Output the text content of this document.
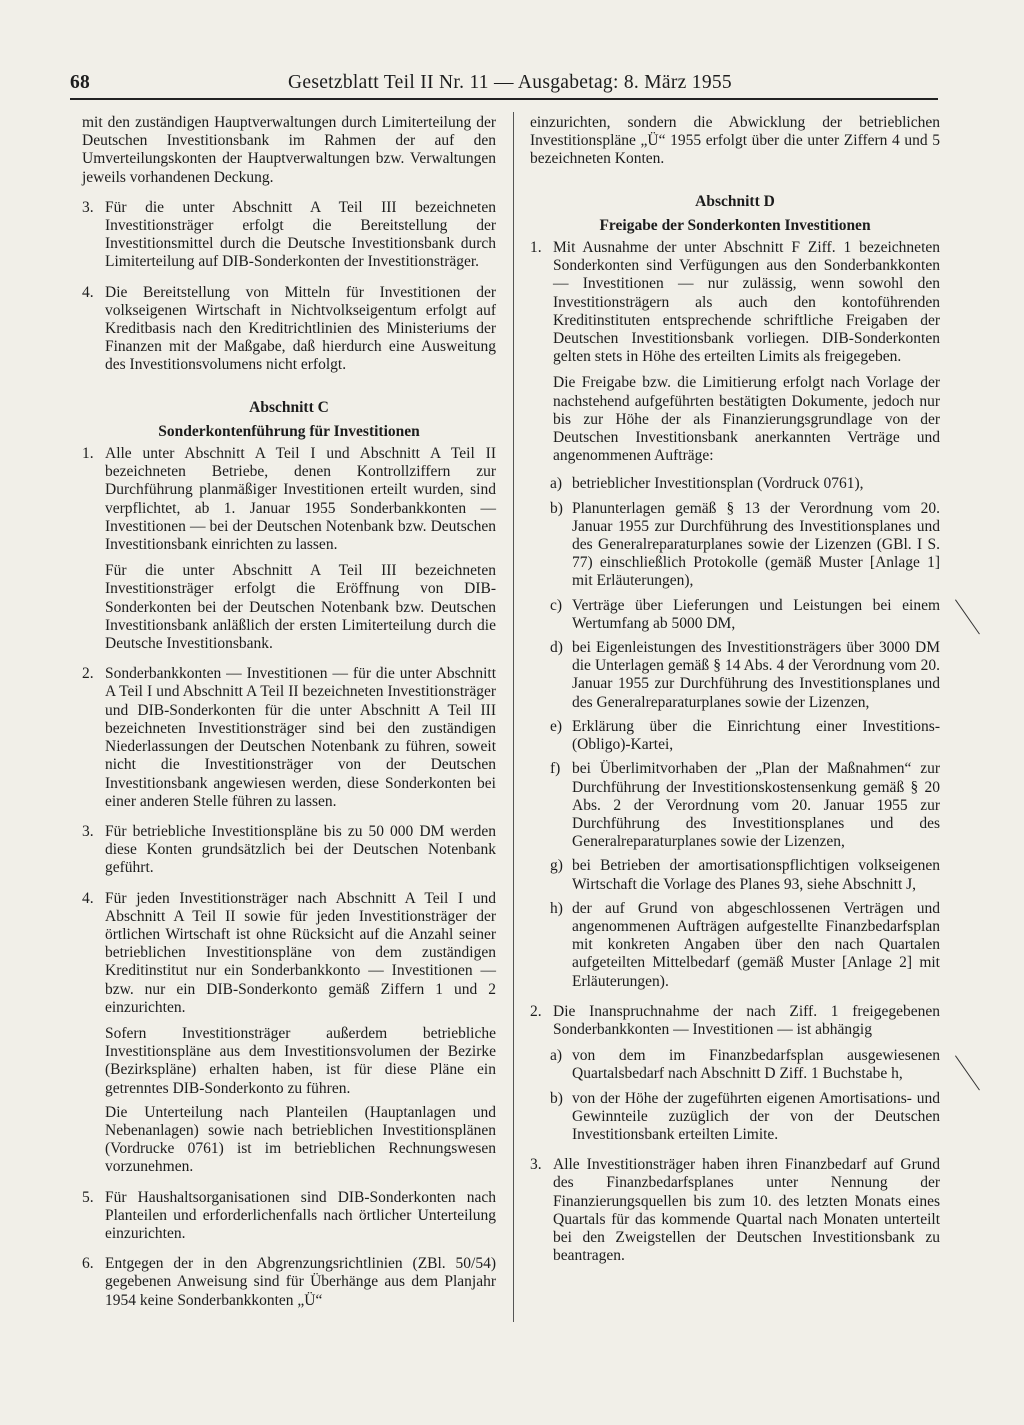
68	Gesetzblatt Teil II Nr. 11 — Ausgabetag: 8. März 1955

mit den zuständigen Hauptverwaltungen durch Limiterteilung der Deutschen Investitionsbank im Rahmen der auf den Umverteilungskonten der Hauptverwaltungen bzw. Verwaltungen jeweils vorhandenen Deckung.

3. Für die unter Abschnitt A Teil III bezeichneten Investitionsträger erfolgt die Bereitstellung der Investitionsmittel durch die Deutsche Investitionsbank durch Limiterteilung auf DIB-Sonderkonten der Investitionsträger.
4. Die Bereitstellung von Mitteln für Investitionen der volkseigenen Wirtschaft in Nichtvolkseigentum erfolgt auf Kreditbasis nach den Kreditrichtlinien des Ministeriums der Finanzen mit der Maßgabe, daß hierdurch eine Ausweitung des Investitionsvolumens nicht erfolgt.
Abschnitt C
Sonderkontenführung für Investitionen
1. Alle unter Abschnitt A Teil I und Abschnitt A Teil II bezeichneten Betriebe, denen Kontrollziffern zur Durchführung planmäßiger Investitionen erteilt wurden, sind verpflichtet, ab 1. Januar 1955 Sonderbankkonten — Investitionen — bei der Deutschen Notenbank bzw. Deutschen Investitionsbank einrichten zu lassen.

Für die unter Abschnitt A Teil III bezeichneten Investitionsträger erfolgt die Eröffnung von DIB-Sonderkonten bei der Deutschen Notenbank bzw. Deutschen Investitionsbank anläßlich der ersten Limiterteilung durch die Deutsche Investitionsbank.

2. Sonderbankkonten — Investitionen — für die unter Abschnitt A Teil I und Abschnitt A Teil II bezeichneten Investitionsträger und DIB-Sonderkonten für die unter Abschnitt A Teil III bezeichneten Investitionsträger sind bei den zuständigen Niederlassungen der Deutschen Notenbank zu führen, soweit nicht die Investitionsträger von der Deutschen Investitionsbank angewiesen werden, diese Sonderkonten bei einer anderen Stelle führen zu lassen.
3. Für betriebliche Investitionspläne bis zu 50 000 DM werden diese Konten grundsätzlich bei der Deutschen Notenbank geführt.
4. Für jeden Investitionsträger nach Abschnitt A Teil I und Abschnitt A Teil II sowie für jeden Investitionsträger der örtlichen Wirtschaft ist ohne Rücksicht auf die Anzahl seiner betrieblichen Investitionspläne von dem zuständigen Kreditinstitut nur ein Sonderbankkonto — Investitionen — bzw. nur ein DIB-Sonderkonto gemäß Ziffern 1 und 2 einzurichten.

Sofern Investitionsträger außerdem betriebliche Investitionspläne aus dem Investitionsvolumen der Bezirke (Bezirkspläne) erhalten haben, ist für diese Pläne ein getrenntes DIB-Sonderkonto zu führen.

Die Unterteilung nach Planteilen (Hauptanlagen und Nebenanlagen) sowie nach betrieblichen Investitionsplänen (Vordrucke 0761) ist im betrieblichen Rechnungswesen vorzunehmen.

5. Für Haushaltsorganisationen sind DIB-Sonderkonten nach Planteilen und erforderlichenfalls nach örtlicher Unterteilung einzurichten.
6. Entgegen der in den Abgrenzungsrichtlinien (ZBl. 50/54) gegebenen Anweisung sind für Überhänge aus dem Planjahr 1954 keine Sonderbankkonten „Ü“

einzurichten, sondern die Abwicklung der betrieblichen Investitionspläne „Ü“ 1955 erfolgt über die unter Ziffern 4 und 5 bezeichneten Konten.

Abschnitt D
Freigabe der Sonderkonten Investitionen
1. Mit Ausnahme der unter Abschnitt F Ziff. 1 bezeichneten Sonderkonten sind Verfügungen aus den Sonderbankkonten — Investitionen — nur zulässig, wenn sowohl den Investitionsträgern als auch den kontoführenden Kreditinstituten entsprechende schriftliche Freigaben der Deutschen Investitionsbank vorliegen. DIB-Sonderkonten gelten stets in Höhe des erteilten Limits als freigegeben.

Die Freigabe bzw. die Limitierung erfolgt nach Vorlage der nachstehend aufgeführten bestätigten Dokumente, jedoch nur bis zur Höhe der als Finanzierungsgrundlage von der Deutschen Investitionsbank anerkannten Verträge und angenommenen Aufträge:

a) betrieblicher Investitionsplan (Vordruck 0761),
b) Planunterlagen gemäß § 13 der Verordnung vom 20. Januar 1955 zur Durchführung des Investitionsplanes und des Generalreparaturplanes sowie der Lizenzen (GBl. I S. 77) einschließlich Protokolle (gemäß Muster [Anlage 1] mit Erläuterungen),
c) Verträge über Lieferungen und Leistungen bei einem Wertumfang ab 5000 DM,
d) bei Eigenleistungen des Investitionsträgers über 3000 DM die Unterlagen gemäß § 14 Abs. 4 der Verordnung vom 20. Januar 1955 zur Durchführung des Investitionsplanes und des Generalreparaturplanes sowie der Lizenzen,
e) Erklärung über die Einrichtung einer Investitions-(Obligo)-Kartei,
f) bei Überlimitvorhaben der „Plan der Maßnahmen“ zur Durchführung der Investitionskostensenkung gemäß § 20 Abs. 2 der Verordnung vom 20. Januar 1955 zur Durchführung des Investitionsplanes und des Generalreparaturplanes sowie der Lizenzen,
g) bei Betrieben der amortisationspflichtigen volkseigenen Wirtschaft die Vorlage des Planes 93, siehe Abschnitt J,
h) der auf Grund von abgeschlossenen Verträgen und angenommenen Aufträgen aufgestellte Finanzbedarfsplan mit konkreten Angaben über den nach Quartalen aufgeteilten Mittelbedarf (gemäß Muster [Anlage 2] mit Erläuterungen).
2. Die Inanspruchnahme der nach Ziff. 1 freigegebenen Sonderbankkonten — Investitionen — ist abhängig
a) von dem im Finanzbedarfsplan ausgewiesenen Quartalsbedarf nach Abschnitt D Ziff. 1 Buchstabe h,
b) von der Höhe der zugeführten eigenen Amortisations- und Gewinnteile zuzüglich der von der Deutschen Investitionsbank erteilten Limite.
3. Alle Investitionsträger haben ihren Finanzbedarf auf Grund des Finanzbedarfsplanes unter Nennung der Finanzierungsquellen bis zum 10. des letzten Monats eines Quartals für das kommende Quartal nach Monaten unterteilt bei den Zweigstellen der Deutschen Investitionsbank zu beantragen.
